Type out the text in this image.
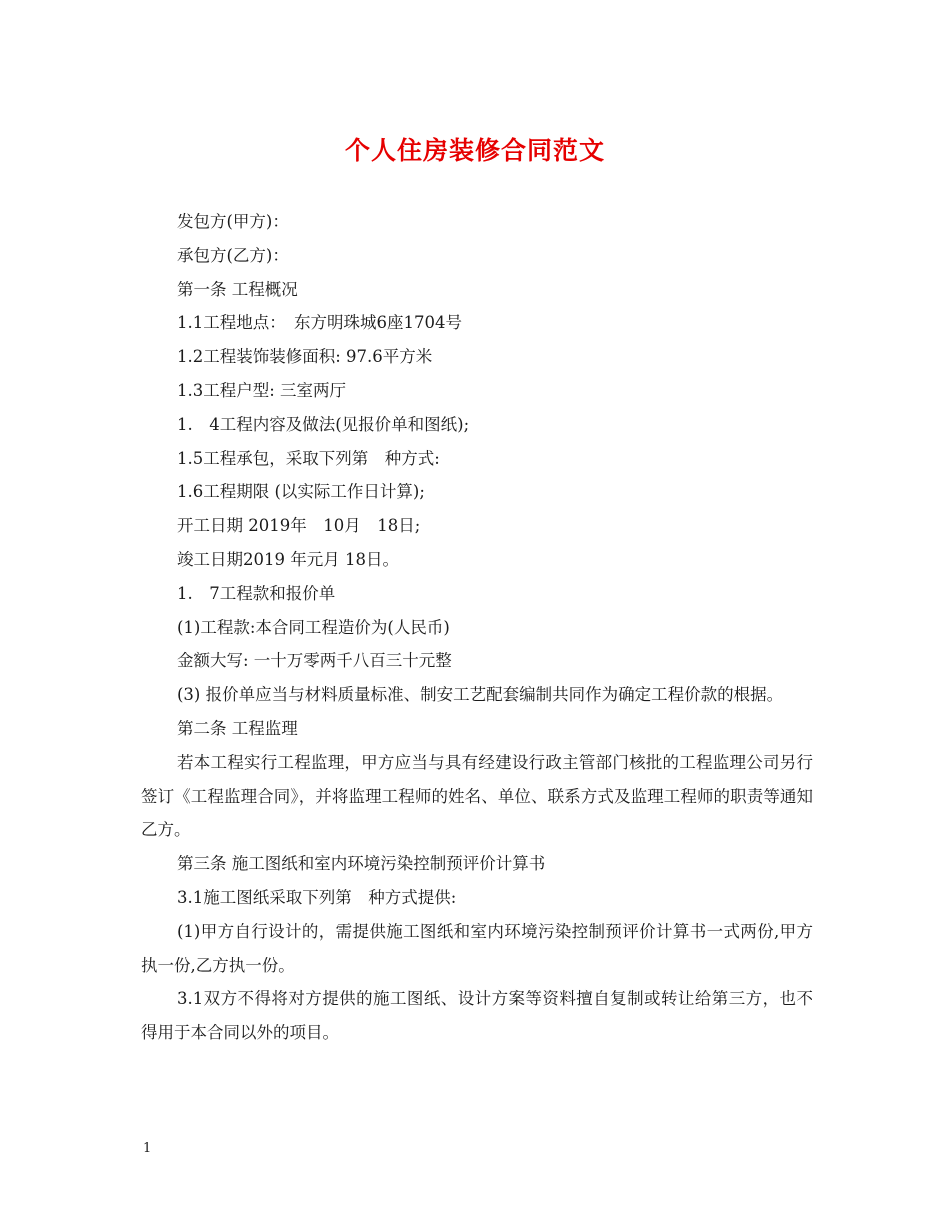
个人住房装修合同范文

发包方(甲方)：

承包方(乙方)：

第一条 工程概况

1.1工程地点：　东方明珠城6座1704号

1.2工程装饰装修面积: 97.6平方米

1.3工程户型: 三室两厅

1.　4工程内容及做法(见报价单和图纸);

1.5工程承包，采取下列第　种方式:

1.6工程期限 (以实际工作日计算);

开工日期 2019年　10月　18日;

竣工日期2019 年元月 18日。

1.　7工程款和报价单

(1)工程款:本合同工程造价为(人民币)

金额大写: 一十万零两千八百三十元整

(3) 报价单应当与材料质量标准、制安工艺配套编制共同作为确定工程价款的根据。

第二条 工程监理

若本工程实行工程监理，甲方应当与具有经建设行政主管部门核批的工程监理公司另行签订《工程监理合同》，并将监理工程师的姓名、单位、联系方式及监理工程师的职责等通知乙方。

第三条 施工图纸和室内环境污染控制预评价计算书

3.1施工图纸采取下列第　种方式提供:

(1)甲方自行设计的，需提供施工图纸和室内环境污染控制预评价计算书一式两份,甲方执一份,乙方执一份。

3.1双方不得将对方提供的施工图纸、设计方案等资料擅自复制或转让给第三方，也不得用于本合同以外的项目。

1
